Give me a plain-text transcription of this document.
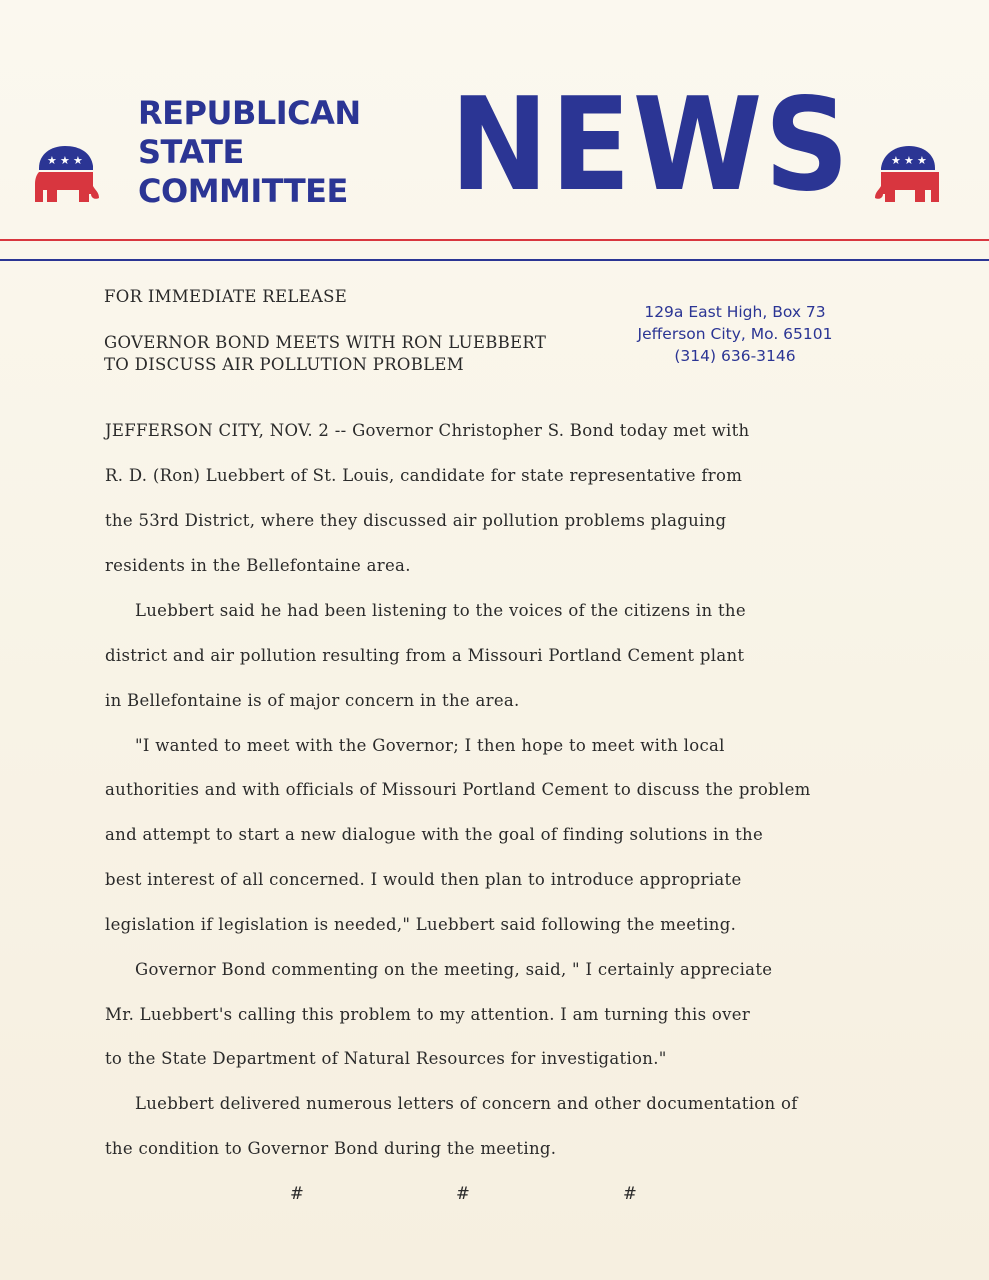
★ ★ ★
REPUBLICAN
STATE
COMMITTEE NEWS	★ ★ ★
129a East High, Box 73
Jefferson City, Mo. 65101
(314) 636-3146
FOR IMMEDIATE RELEASE
GOVERNOR BOND MEETS WITH RON LUEBBERT
TO DISCUSS AIR POLLUTION PROBLEM
JEFFERSON CITY, NOV. 2 -- Governor Christopher S. Bond today met with
R. D. (Ron) Luebbert of St. Louis, candidate for state representative from
the 53rd District, where they discussed air pollution problems plaguing
residents in the Bellefontaine area.
Luebbert said he had been listening to the voices of the citizens in the
district and air pollution resulting from a Missouri Portland Cement plant
in Bellefontaine is of major concern in the area.
"I wanted to meet with the Governor; I then hope to meet with local
authorities and with officials of Missouri Portland Cement to discuss the problem
and attempt to start a new dialogue with the goal of finding solutions in the
best interest of all concerned. I would then plan to introduce appropriate
legislation if legislation is needed," Luebbert said following the meeting.
Governor Bond commenting on the meeting, said, " I certainly appreciate
Mr. Luebbert's calling this problem to my attention. I am turning this over
to the State Department of Natural Resources for investigation."
Luebbert delivered numerous letters of concern and other documentation of
the condition to Governor Bond during the meeting.
#	#	#
